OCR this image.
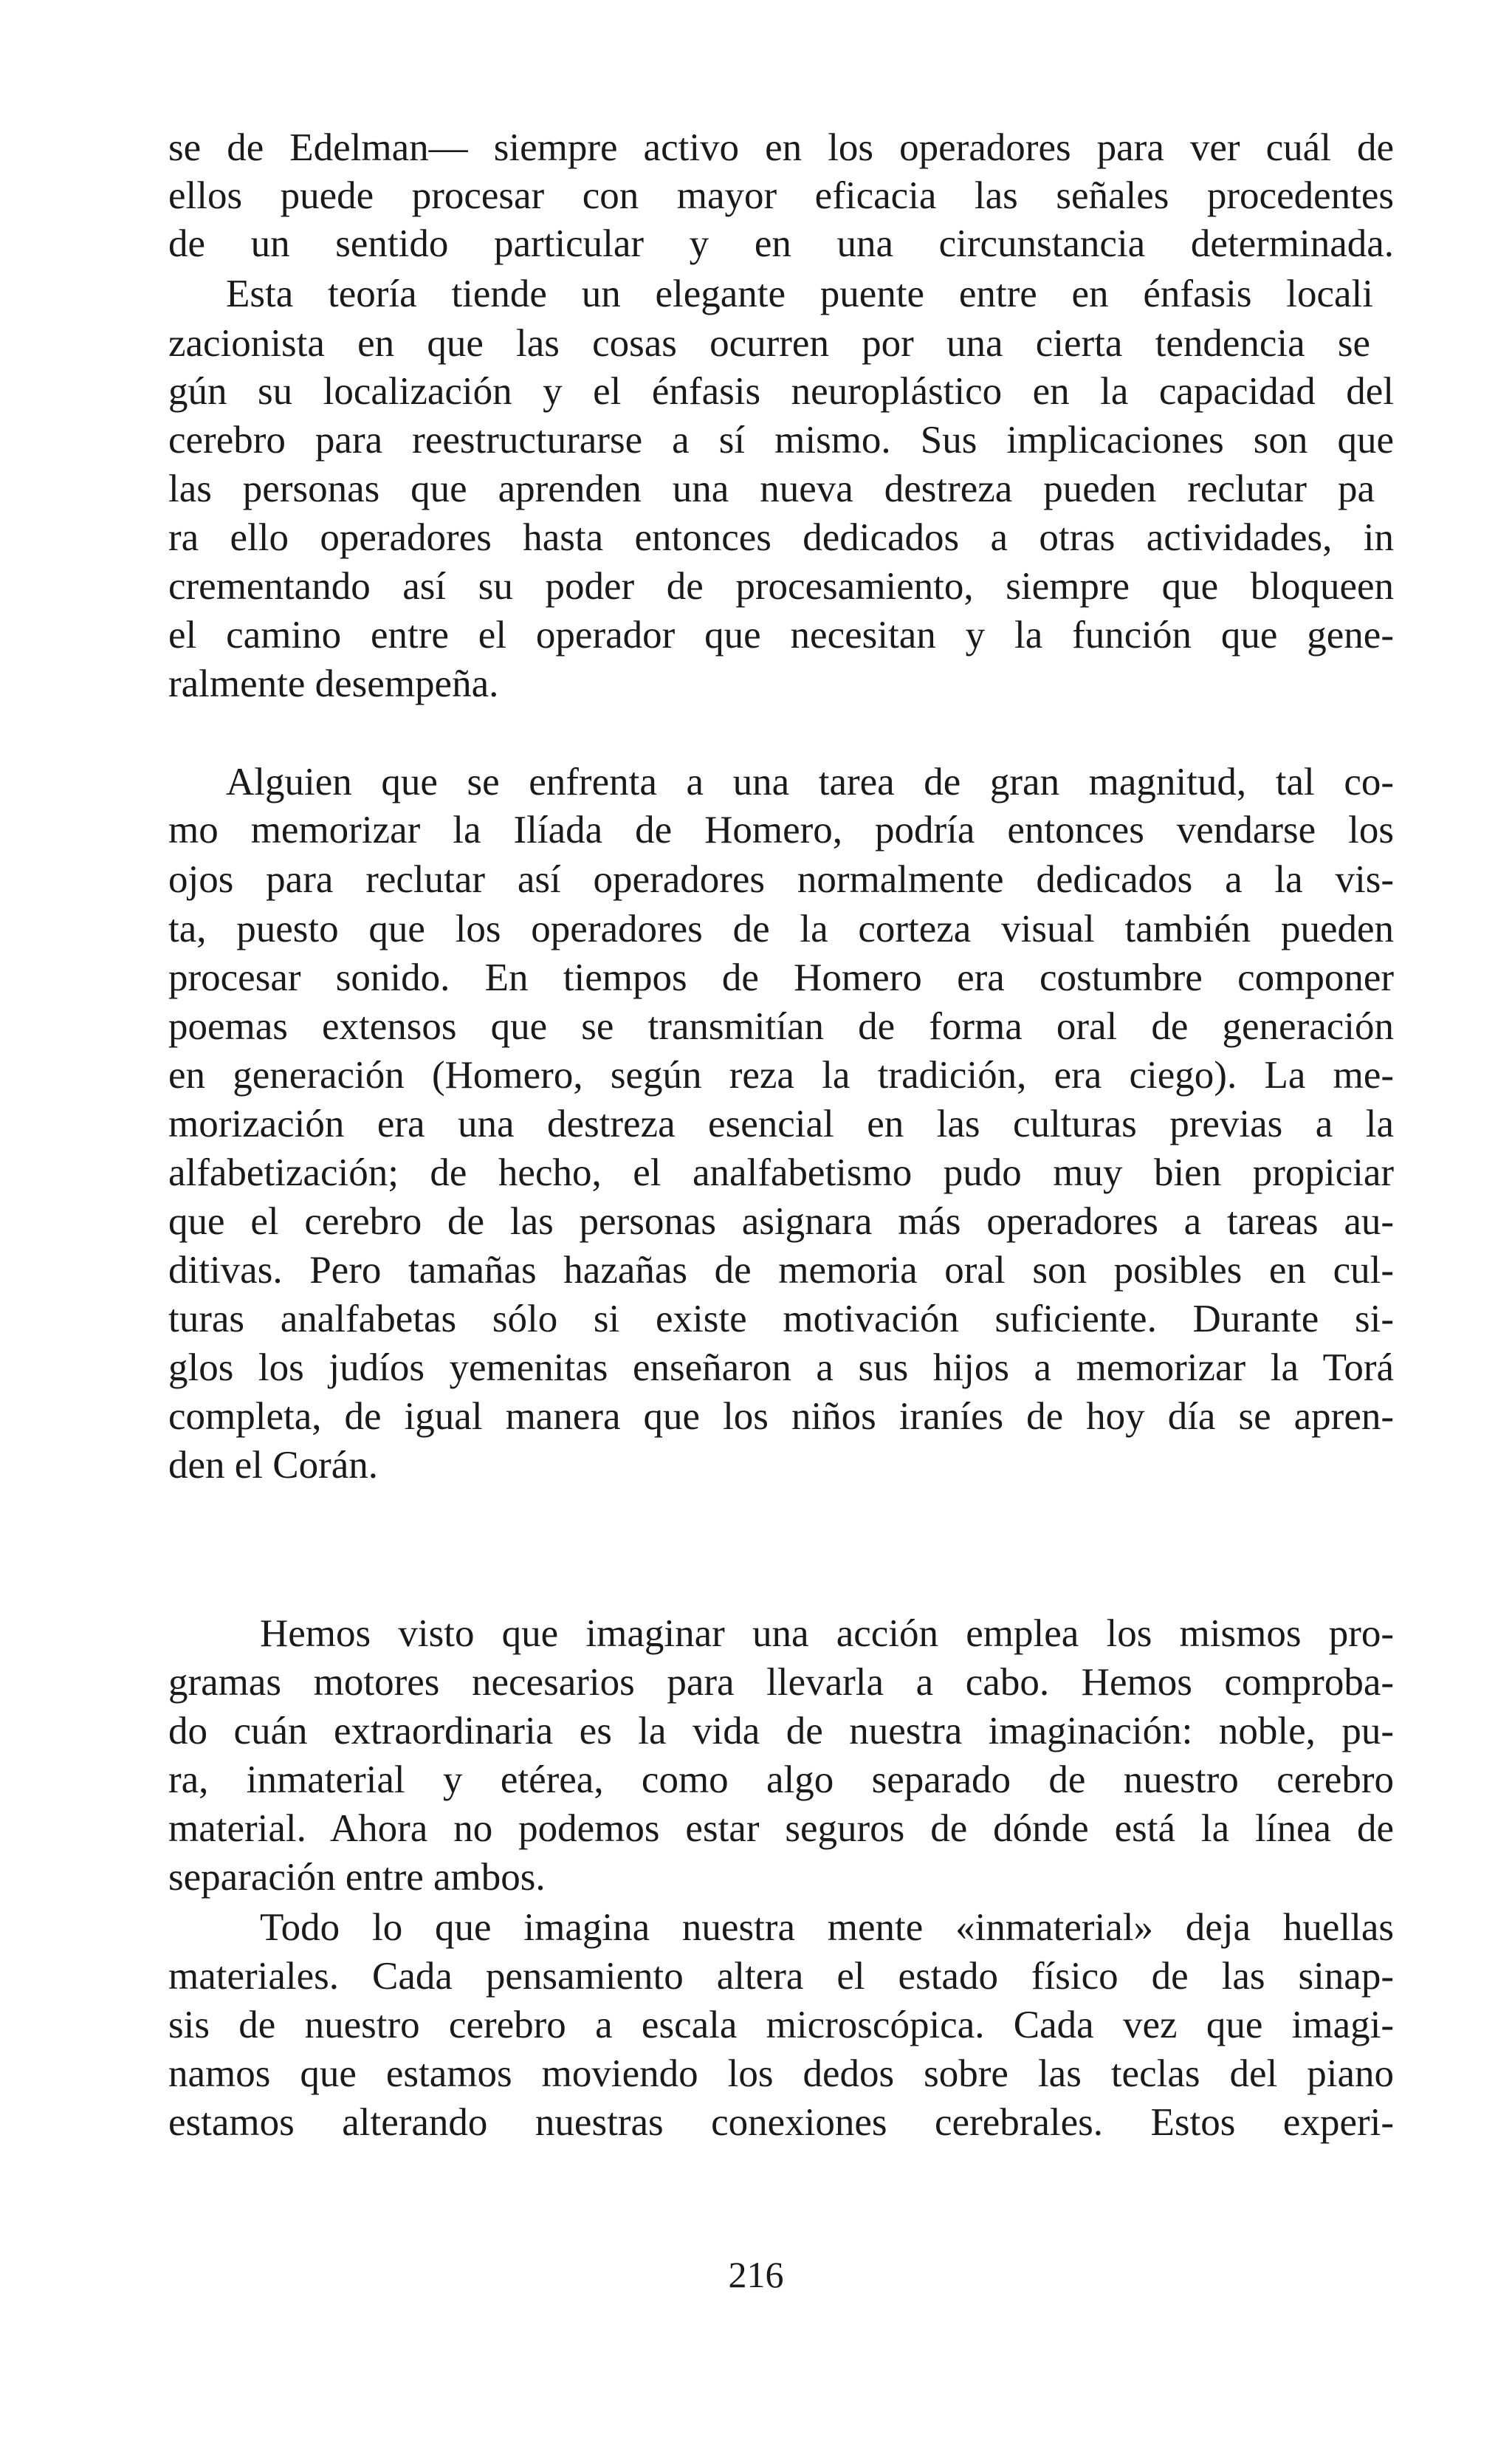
se de Edelman— siempre activo en los operadores para ver cuál de
ellos puede procesar con mayor eficacia las señales procedentes
de un sentido particular y en una circunstancia determinada.
Esta teoría tiende un elegante puente entre en énfasis locali
zacionista en que las cosas ocurren por una cierta tendencia se
gún su localización y el énfasis neuroplástico en la capacidad del
cerebro para reestructurarse a sí mismo. Sus implicaciones son que
las personas que aprenden una nueva destreza pueden reclutar pa
ra ello operadores hasta entonces dedicados a otras actividades, in
crementando así su poder de procesamiento, siempre que bloqueen
el camino entre el operador que necesitan y la función que gene-
ralmente desempeña.
Alguien que se enfrenta a una tarea de gran magnitud, tal co-
mo memorizar la Ilíada de Homero, podría entonces vendarse los
ojos para reclutar así operadores normalmente dedicados a la vis-
ta, puesto que los operadores de la corteza visual también pueden
procesar sonido. En tiempos de Homero era costumbre componer
poemas extensos que se transmitían de forma oral de generación
en generación (Homero, según reza la tradición, era ciego). La me-
morización era una destreza esencial en las culturas previas a la
alfabetización; de hecho, el analfabetismo pudo muy bien propiciar
que el cerebro de las personas asignara más operadores a tareas au-
ditivas. Pero tamañas hazañas de memoria oral son posibles en cul-
turas analfabetas sólo si existe motivación suficiente. Durante si-
glos los judíos yemenitas enseñaron a sus hijos a memorizar la Torá
completa, de igual manera que los niños iraníes de hoy día se apren-
den el Corán.
Hemos visto que imaginar una acción emplea los mismos pro-
gramas motores necesarios para llevarla a cabo. Hemos comproba-
do cuán extraordinaria es la vida de nuestra imaginación: noble, pu-
ra, inmaterial y etérea, como algo separado de nuestro cerebro
material. Ahora no podemos estar seguros de dónde está la línea de
separación entre ambos.
Todo lo que imagina nuestra mente «inmaterial» deja huellas
materiales. Cada pensamiento altera el estado físico de las sinap-
sis de nuestro cerebro a escala microscópica. Cada vez que imagi-
namos que estamos moviendo los dedos sobre las teclas del piano
estamos alterando nuestras conexiones cerebrales. Estos experi-
216
